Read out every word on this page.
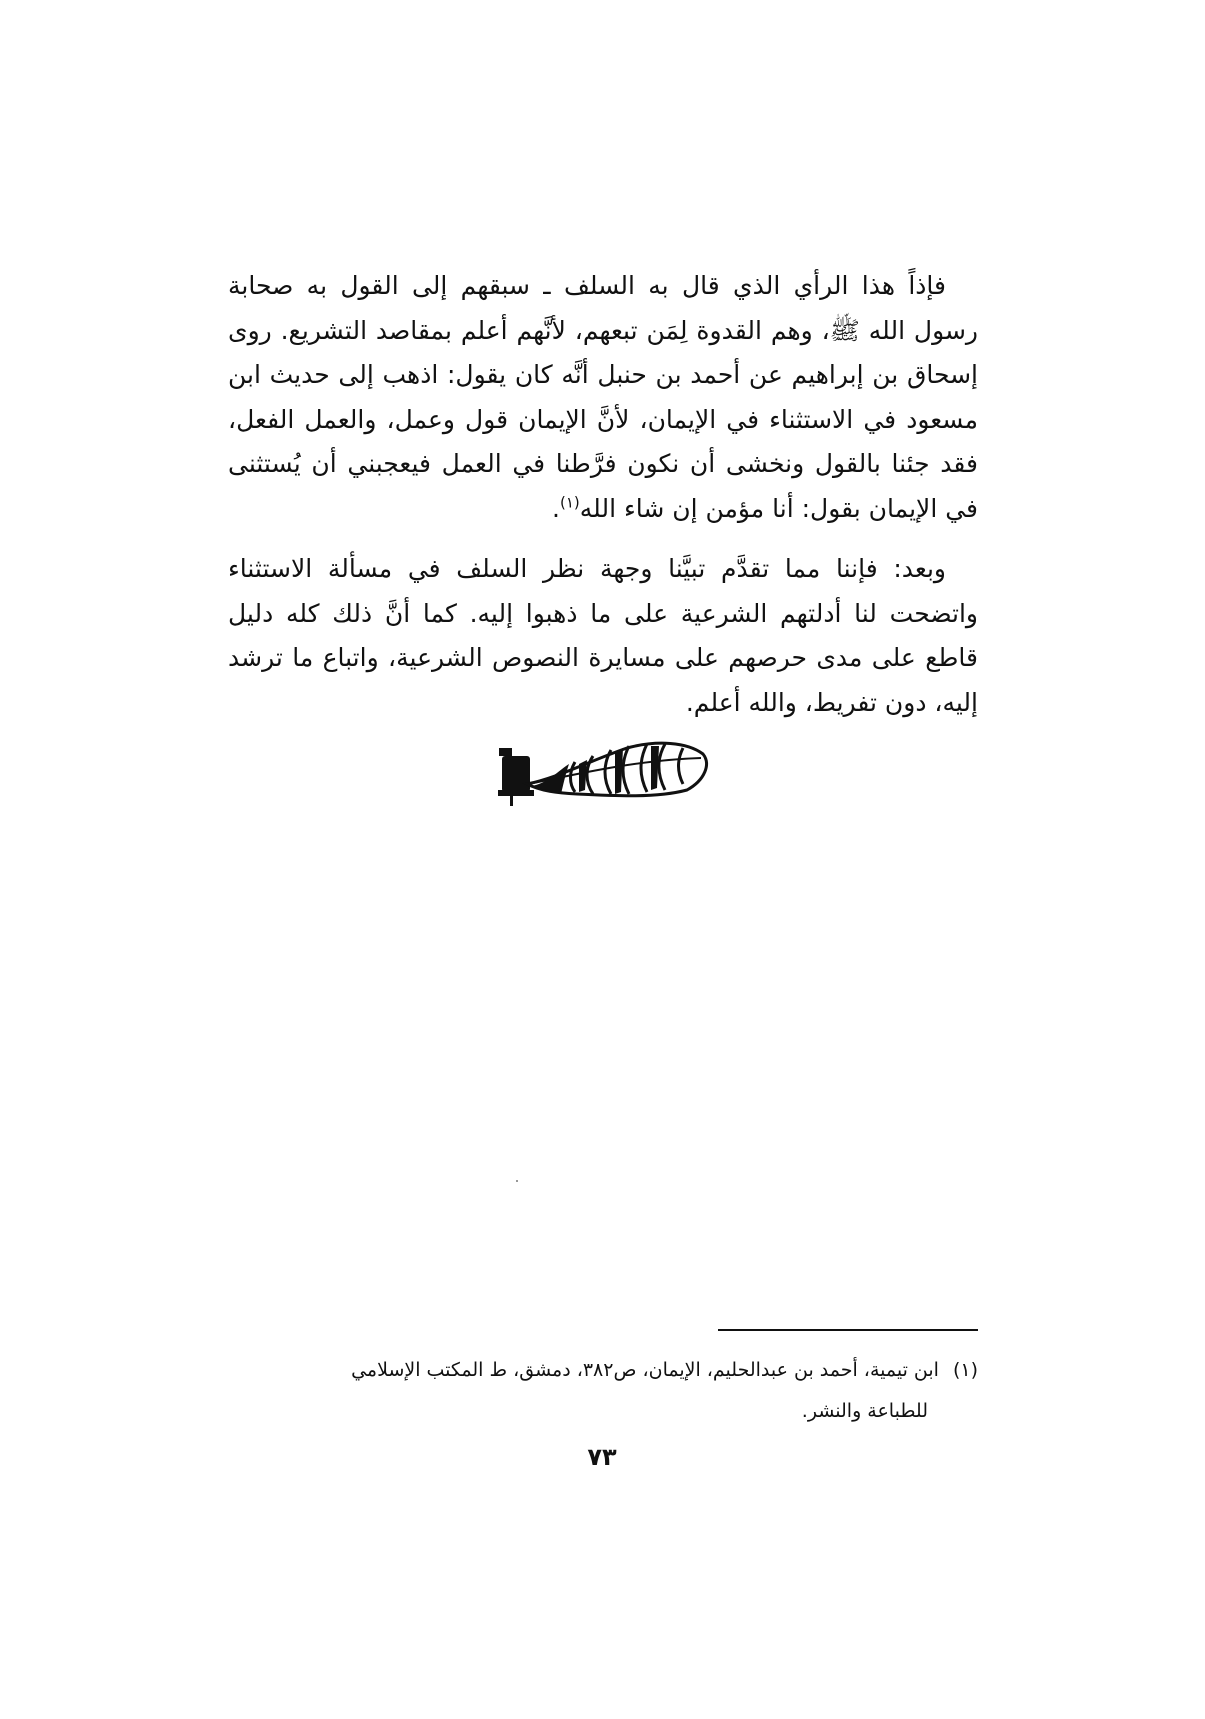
فإذاً هذا الرأي الذي قال به السلف ـ سبقهم إلى القول به صحابة رسول الله ﷺ، وهم القدوة لِمَن تبعهم، لأنَّهم أعلم بمقاصد التشريع. روى إسحاق بن إبراهيم عن أحمد بن حنبل أنَّه كان يقول: اذهب إلى حديث ابن مسعود في الاستثناء في الإيمان، لأنَّ الإيمان قول وعمل، والعمل الفعل، فقد جئنا بالقول ونخشى أن نكون فرَّطنا في العمل فيعجبني أن يُستثنى في الإيمان بقول: أنا مؤمن إن شاء الله$^{(١)}$.

وبعد: فإننا مما تقدَّم تبيَّنا وجهة نظر السلف في مسألة الاستثناء واتضحت لنا أدلتهم الشرعية على ما ذهبوا إليه. كما أنَّ ذلك كله دليل قاطع على مدى حرصهم على مسايرة النصوص الشرعية، واتباع ما ترشد إليه، دون تفريط، والله أعلم.

(١)ابن تيمية، أحمد بن عبدالحليم، الإيمان، ص٣٨٢، دمشق، ط المكتب الإسلامي

للطباعة والنشر.

٧٣
